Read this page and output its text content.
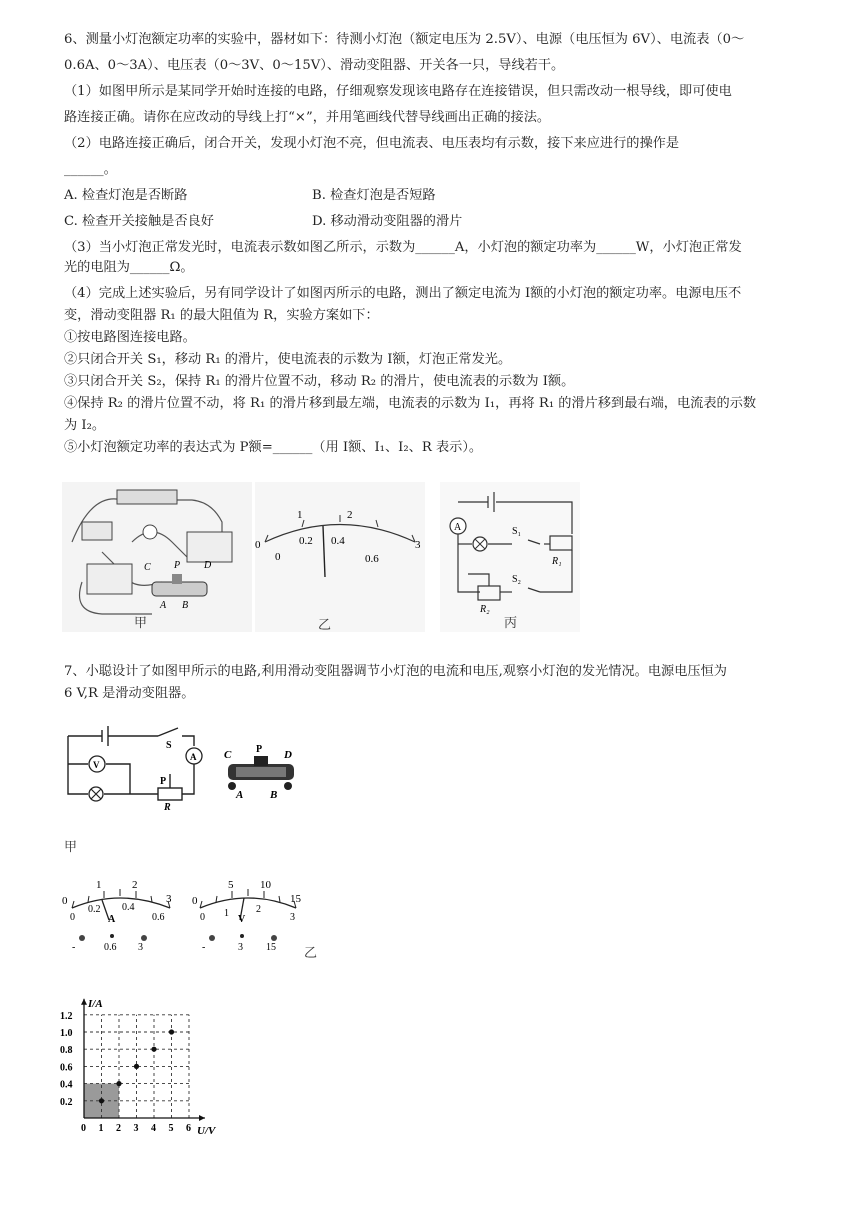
6、测量小灯泡额定功率的实验中，器材如下：待测小灯泡（额定电压为 2.5V）、电源（电压恒为 6V）、电流表（0～
0.6A、0～3A）、电压表（0～3V、0～15V）、滑动变阻器、开关各一只，导线若干。
（1）如图甲所示是某同学开始时连接的电路，仔细观察发现该电路存在连接错误，但只需改动一根导线，即可使电
路连接正确。请你在应改动的导线上打“×”，并用笔画线代替导线画出正确的接法。
（2）电路连接正确后，闭合开关，发现小灯泡不亮，但电流表、电压表均有示数，接下来应进行的操作是
______。
A. 检查灯泡是否断路	B. 检查灯泡是否短路
C. 检查开关接触是否良好	D. 移动滑动变阻器的滑片
（3）当小灯泡正常发光时，电流表示数如图乙所示，示数为______A，小灯泡的额定功率为______W，小灯泡正常发
光的电阻为______Ω。
（4）完成上述实验后，另有同学设计了如图丙所示的电路，测出了额定电流为 I额的小灯泡的额定功率。电源电压不
变，滑动变阻器 R₁ 的最大阻值为 R，实验方案如下：
①按电路图连接电路。
②只闭合开关 S₁，移动 R₁ 的滑片，使电流表的示数为 I额，灯泡正常发光。
③只闭合开关 S₂，保持 R₁ 的滑片位置不动，移动 R₂ 的滑片，使电流表的示数为 I额。
④保持 R₂ 的滑片位置不动，将 R₁ 的滑片移到最左端，电流表的示数为 I₁，再将 R₁ 的滑片移到最右端，电流表的示数
为 I₂。
⑤小灯泡额定功率的表达式为 P额=______（用 I额、I₁、I₂、R 表示）。
C P D
A B
甲
0	3
1	2
0
0.2 0.4
0.6
乙
A	S₁
S₂
R₁
R₂
丙
7、小聪设计了如图甲所示的电路,利用滑动变阻器调节小灯泡的电流和电压,观察小灯泡的发光情况。电源电压恒为
6 V,R 是滑动变阻器。
S
A
V
P
R
C P D
A B
甲
1	2
3
0
0
0.2 0.4
0.6
A
-	0.6 3
5 10
15
0
0 1	2
3
V
-	3 15 乙
0 1 2 3 4 5 6
0.2
0.4
0.6
0.8
1.0
1.2
U/V
I/A
